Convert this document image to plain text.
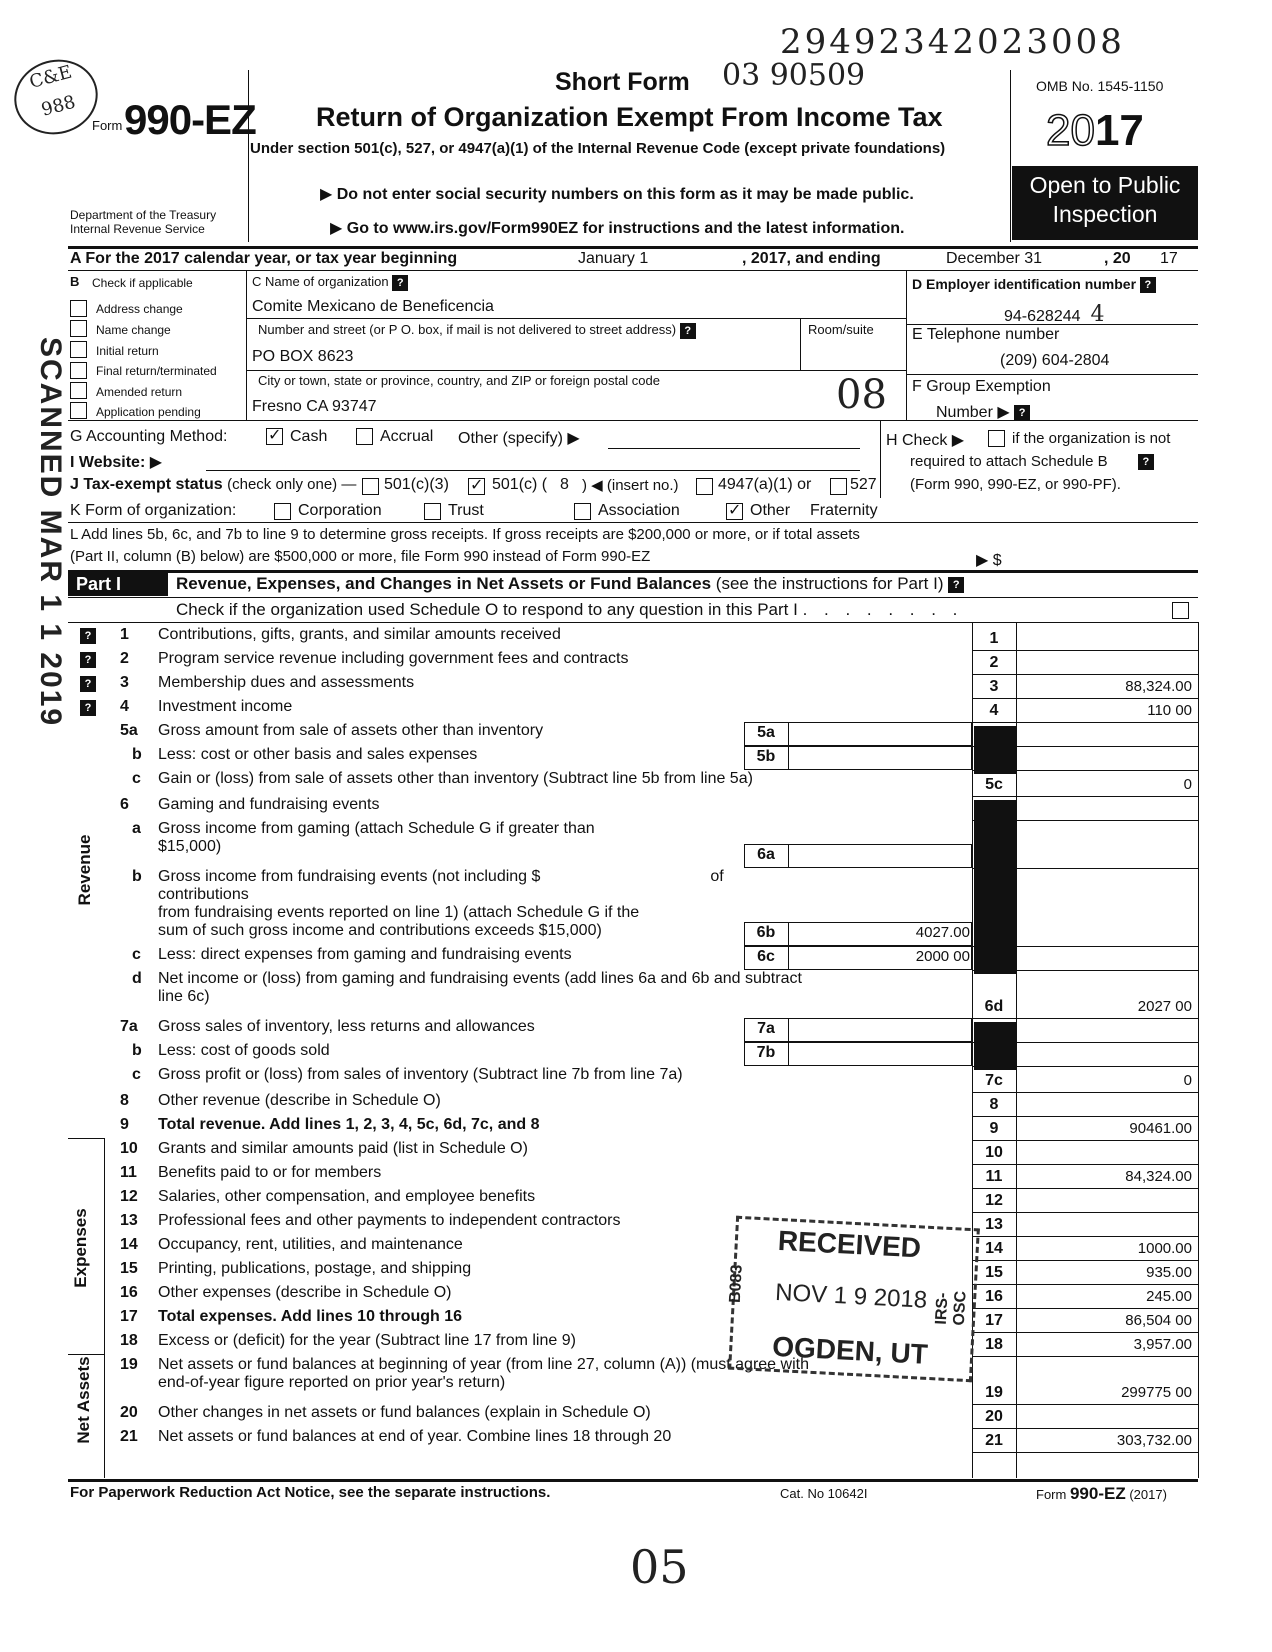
29492342023008
03 90509
C&E 988
SCANNED MAR 1 1 2019
Form 990-EZ
Short Form
Return of Organization Exempt From Income Tax
Under section 501(c), 527, or 4947(a)(1) of the Internal Revenue Code (except private foundations)
▶ Do not enter social security numbers on this form as it may be made public.
▶ Go to www.irs.gov/Form990EZ for instructions and the latest information.
Department of the Treasury
Internal Revenue Service
OMB No. 1545-1150
2017
Open to Public
Inspection
A For the 2017 calendar year, or tax year beginning	January 1	, 2017, and ending	December 31	, 20 17
B Check if applicable
Address change
Name change
Initial return
Final return/terminated
Amended return
Application pending
C Name of organization ?
Comite Mexicano de Beneficencia
Number and street (or P O. box, if mail is not delivered to street address) ?	Room/suite
PO BOX 8623
City or town, state or province, country, and ZIP or foreign postal code
Fresno CA 93747	08
D Employer identification number ?
94-628244 4
E Telephone number
(209) 604-2804
F Group Exemption
Number ▶ ?
G Accounting Method: ✓	Cash	Accrual Other (specify) ▶	H Check ▶	if the organization is not
required to attach Schedule B	?
(Form 990, 990-EZ, or 990-PF).
I Website: ▶
J Tax-exempt status (check only one) — 501(c)(3) ✓	501(c) ( 8 ) ◀ (insert no.) 4947(a)(1) or 527
K Form of organization:	Corporation	Trust	Association ✓	Other Fraternity
L Add lines 5b, 6c, and 7b to line 9 to determine gross receipts. If gross receipts are $200,000 or more, or if total assets
(Part II, column (B) below) are $500,000 or more, file Form 990 instead of Form 990-EZ	▶ $
Part I	Revenue, Expenses, and Changes in Net Assets or Fund Balances (see the instructions for Part I) ?
Check if the organization used Schedule O to respond to any question in this Part I . . . . . . . .
?
?
?
?
Revenue
Expenses
Net Assets
1 Contributions, gifts, grants, and similar amounts received	1
2 Program service revenue including government fees and contracts	2
3 Membership dues and assessments	3	88,324.00
4 Investment income	4	110 00
5a Gross amount from sale of assets other than inventory	5a
b Less: cost or other basis and sales expenses	5b
c Gain or (loss) from sale of assets other than inventory (Subtract line 5b from line 5a)	5c	0
6 Gaming and fundraising events
a Gross income from gaming (attach Schedule G if greater than
$15,000)	6a
b Gross income from fundraising events (not including $	of contributions
from fundraising events reported on line 1) (attach Schedule G if the
sum of such gross income and contributions exceeds $15,000)	6b	4027.00
c Less: direct expenses from gaming and fundraising events	6c	2000 00
d Net income or (loss) from gaming and fundraising events (add lines 6a and 6b and subtract
line 6c)
6d	2027 00
7a Gross sales of inventory, less returns and allowances	7a
b Less: cost of goods sold	7b
c Gross profit or (loss) from sales of inventory (Subtract line 7b from line 7a)	7c	0
8 Other revenue (describe in Schedule O)	8
9 Total revenue. Add lines 1, 2, 3, 4, 5c, 6d, 7c, and 8	9	90461.00
10 Grants and similar amounts paid (list in Schedule O)	10
11 Benefits paid to or for members	11	84,324.00
12 Salaries, other compensation, and employee benefits	12
13 Professional fees and other payments to independent contractors	13
14 Occupancy, rent, utilities, and maintenance	14	1000.00
15 Printing, publications, postage, and shipping	15	935.00
16 Other expenses (describe in Schedule O)	16	245.00
17 Total expenses. Add lines 10 through 16	17	86,504 00
18 Excess or (deficit) for the year (Subtract line 17 from line 9)	18	3,957.00
19 Net assets or fund balances at beginning of year (from line 27, column (A)) (must agree with
end-of-year figure reported on prior year's return)
19	299775 00
20 Other changes in net assets or fund balances (explain in Schedule O)	20
21 Net assets or fund balances at end of year. Combine lines 18 through 20	21	303,732.00
RECEIVED
NOV 1 9 2018
OGDEN, UT
B083
IRS-OSC
For Paperwork Reduction Act Notice, see the separate instructions.	Cat. No 10642I	Form 990-EZ (2017)
05
